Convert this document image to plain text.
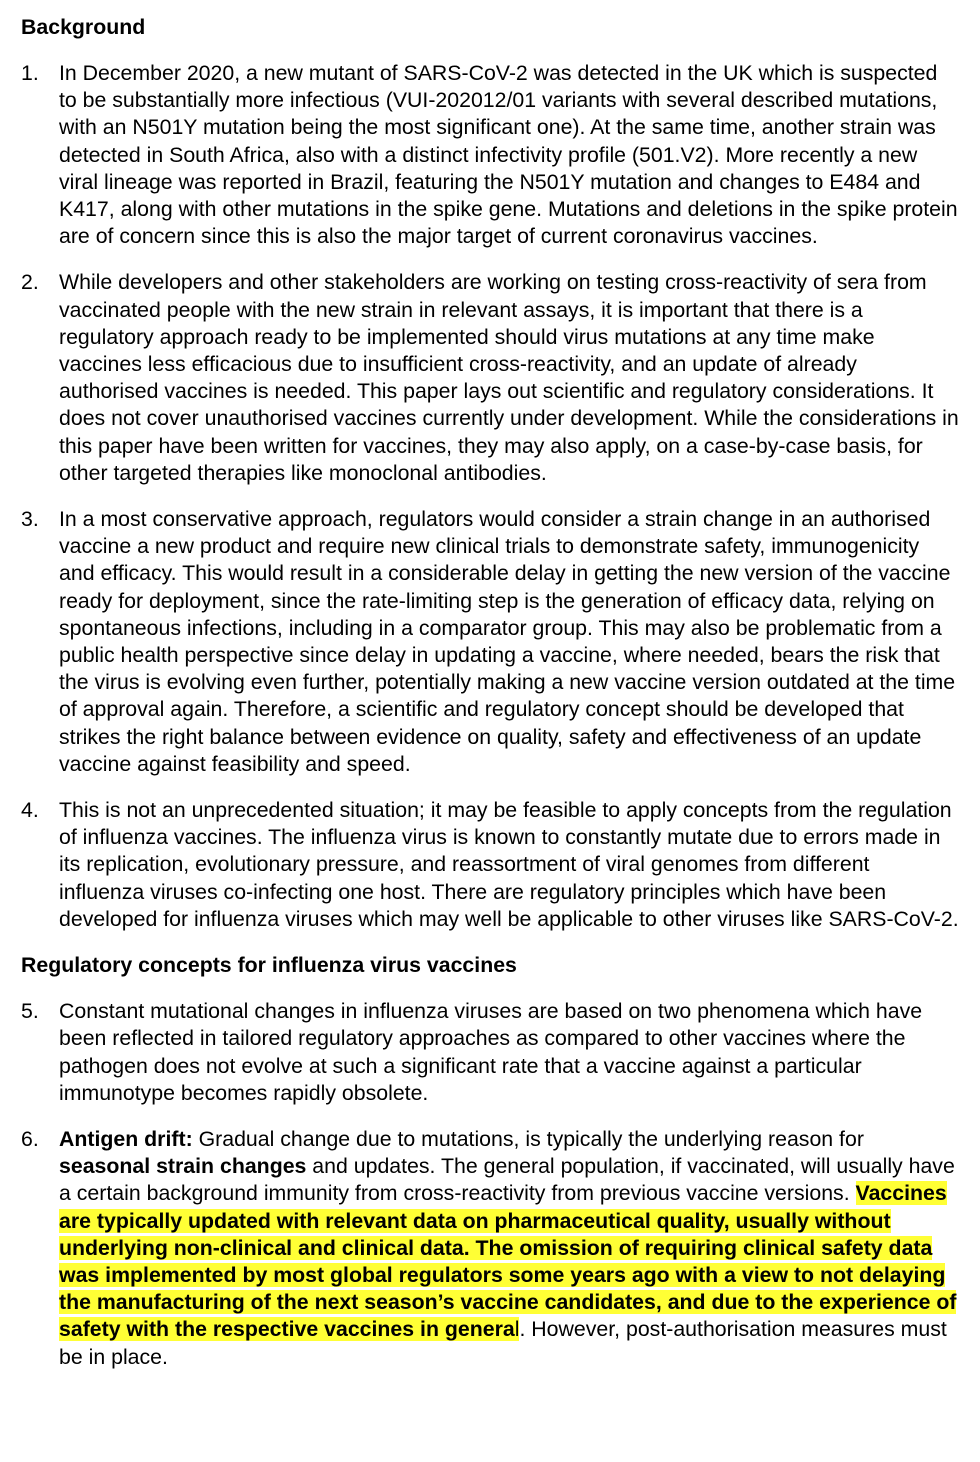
Background
1. In December 2020, a new mutant of SARS-CoV-2 was detected in the UK which is suspected to be substantially more infectious (VUI-202012/01 variants with several described mutations, with an N501Y mutation being the most significant one). At the same time, another strain was detected in South Africa, also with a distinct infectivity profile (501.V2). More recently a new viral lineage was reported in Brazil, featuring the N501Y mutation and changes to E484 and K417, along with other mutations in the spike gene. Mutations and deletions in the spike protein are of concern since this is also the major target of current coronavirus vaccines.
2. While developers and other stakeholders are working on testing cross-reactivity of sera from vaccinated people with the new strain in relevant assays, it is important that there is a regulatory approach ready to be implemented should virus mutations at any time make vaccines less efficacious due to insufficient cross-reactivity, and an update of already authorised vaccines is needed. This paper lays out scientific and regulatory considerations. It does not cover unauthorised vaccines currently under development. While the considerations in this paper have been written for vaccines, they may also apply, on a case-by-case basis, for other targeted therapies like monoclonal antibodies.
3. In a most conservative approach, regulators would consider a strain change in an authorised vaccine a new product and require new clinical trials to demonstrate safety, immunogenicity and efficacy. This would result in a considerable delay in getting the new version of the vaccine ready for deployment, since the rate-limiting step is the generation of efficacy data, relying on spontaneous infections, including in a comparator group. This may also be problematic from a public health perspective since delay in updating a vaccine, where needed, bears the risk that the virus is evolving even further, potentially making a new vaccine version outdated at the time of approval again. Therefore, a scientific and regulatory concept should be developed that strikes the right balance between evidence on quality, safety and effectiveness of an update vaccine against feasibility and speed.
4. This is not an unprecedented situation; it may be feasible to apply concepts from the regulation of influenza vaccines. The influenza virus is known to constantly mutate due to errors made in its replication, evolutionary pressure, and reassortment of viral genomes from different influenza viruses co-infecting one host. There are regulatory principles which have been developed for influenza viruses which may well be applicable to other viruses like SARS-CoV-2.
Regulatory concepts for influenza virus vaccines
5. Constant mutational changes in influenza viruses are based on two phenomena which have been reflected in tailored regulatory approaches as compared to other vaccines where the pathogen does not evolve at such a significant rate that a vaccine against a particular immunotype becomes rapidly obsolete.
6. Antigen drift: Gradual change due to mutations, is typically the underlying reason for seasonal strain changes and updates. The general population, if vaccinated, will usually have a certain background immunity from cross-reactivity from previous vaccine versions. Vaccines are typically updated with relevant data on pharmaceutical quality, usually without underlying non-clinical and clinical data. The omission of requiring clinical safety data was implemented by most global regulators some years ago with a view to not delaying the manufacturing of the next season’s vaccine candidates, and due to the experience of safety with the respective vaccines in general. However, post-authorisation measures must be in place.
